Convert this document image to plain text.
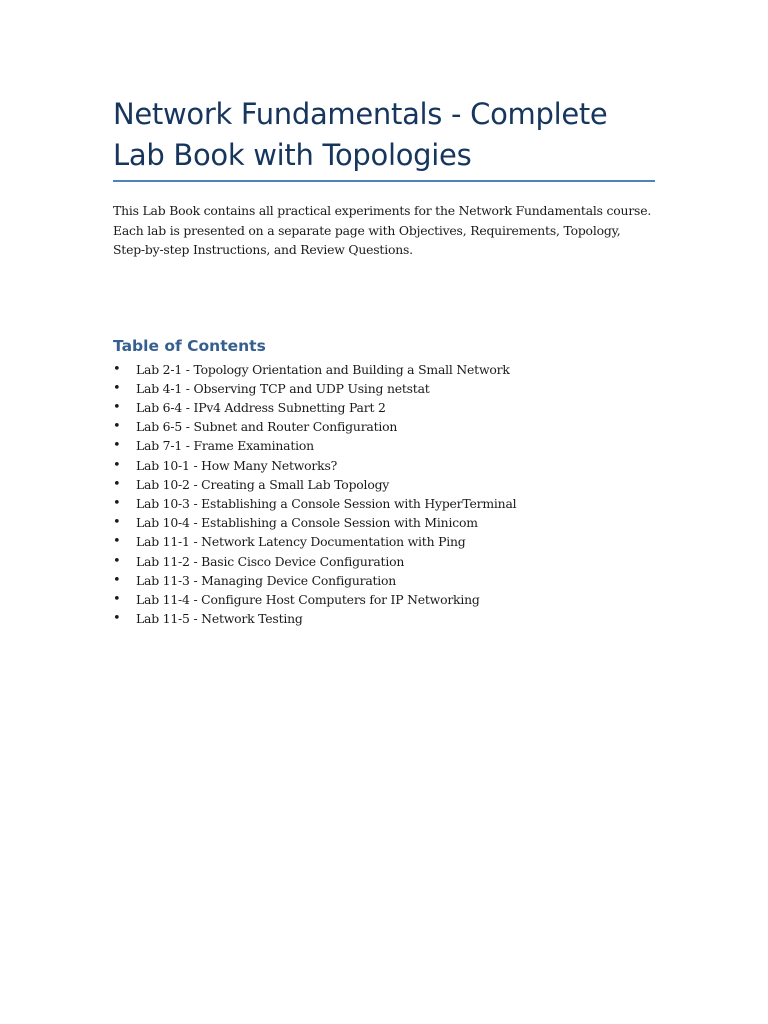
Network Fundamentals - Complete Lab Book with Topologies

This Lab Book contains all practical experiments for the Network Fundamentals course. Each lab is presented on a separate page with Objectives, Requirements, Topology, Step-by-step Instructions, and Review Questions.

Table of Contents
•	Lab 2-1 - Topology Orientation and Building a Small Network
•	Lab 4-1 - Observing TCP and UDP Using netstat
•	Lab 6-4 - IPv4 Address Subnetting Part 2
•	Lab 6-5 - Subnet and Router Configuration
•	Lab 7-1 - Frame Examination
•	Lab 10-1 - How Many Networks?
•	Lab 10-2 - Creating a Small Lab Topology
•	Lab 10-3 - Establishing a Console Session with HyperTerminal
•	Lab 10-4 - Establishing a Console Session with Minicom
•	Lab 11-1 - Network Latency Documentation with Ping
•	Lab 11-2 - Basic Cisco Device Configuration
•	Lab 11-3 - Managing Device Configuration
•	Lab 11-4 - Configure Host Computers for IP Networking
•	Lab 11-5 - Network Testing
